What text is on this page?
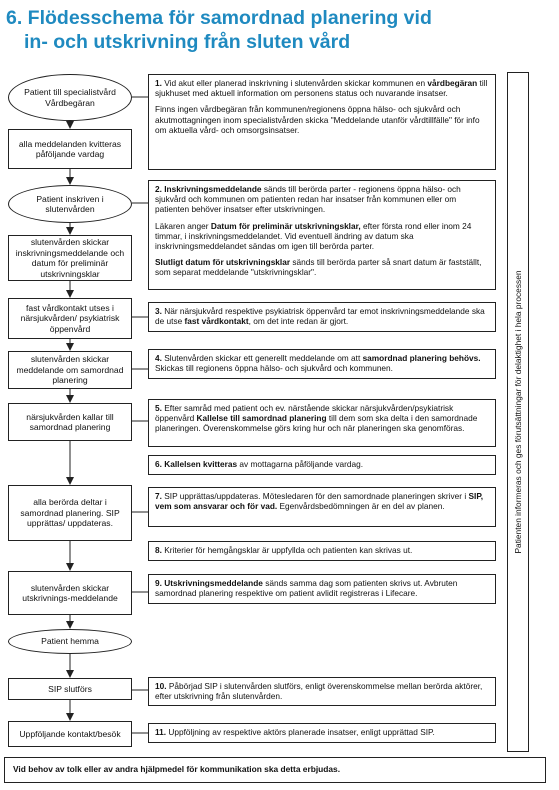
6. Flödesschema för samordnad planering vid
in- och utskrivning från sluten vård
Patient till specialistvård Vårdbegäran
alla meddelanden kvitteras påföljande vardag
Patient inskriven i slutenvården
slutenvården skickar inskrivningsmeddelande och datum för preliminär utskrivningsklar
fast vårdkontakt utses i närsjukvården/ psykiatrisk öppenvård
slutenvården skickar meddelande om samordnad planering
närsjukvården kallar till samordnad planering
alla berörda deltar i samordnad planering. SIP upprättas/ uppdateras.
slutenvården skickar utskrivnings-meddelande
Patient hemma
SIP slutförs
Uppföljande kontakt/besök

1. Vid akut eller planerad inskrivning i slutenvården skickar kommunen en vårdbegäran till sjukhuset med aktuell information om personens status och nuvarande insatser.

Finns ingen vårdbegäran från kommunen/regionens öppna hälso- och sjukvård och akutmottagningen inom specialistvården skicka "Meddelande utanför vårdtillfälle" för info om aktuella vård- och omsorgsinsatser.

2. Inskrivningsmeddelande sänds till berörda parter - regionens öppna hälso- och sjukvård och kommunen om patienten redan har insatser från kommunen eller om patienten behöver insatser efter utskrivningen.

Läkaren anger Datum för preliminär utskrivningsklar, efter första rond eller inom 24 timmar, i inskrivningsmeddelandet. Vid eventuell ändring av datum ska inskrivningsmeddelandet sändas om igen till berörda parter.

Slutligt datum för utskrivningsklar sänds till berörda parter så snart datum är fastställt, som separat meddelande "utskrivningsklar".

3. När närsjukvård respektive psykiatrisk öppenvård tar emot inskrivningsmeddelande ska de utse fast vårdkontakt, om det inte redan är gjort.

4. Slutenvården skickar ett generellt meddelande om att samordnad planering behövs. Skickas till regionens öppna hälso- och sjukvård och kommunen.

5. Efter samråd med patient och ev. närstående skickar närsjukvården/psykiatrisk öppenvård Kallelse till samordnad planering till dem som ska delta i den samordnade planeringen. Överenskommelse görs kring hur och när planeringen ska genomföras.

6. Kallelsen kvitteras av mottagarna påföljande vardag.

7. SIP upprättas/uppdateras. Mötesledaren för den samordnade planeringen skriver i SIP, vem som ansvarar och för vad. Egenvårdsbedömningen är en del av planen.

8. Kriterier för hemgångsklar är uppfyllda och patienten kan skrivas ut.

9. Utskrivningsmeddelande sänds samma dag som patienten skrivs ut. Avbruten samordnad planering respektive om patient avlidit registreras i Lifecare.

10. Påbörjad SIP i slutenvården slutförs, enligt överenskommelse mellan berörda aktörer, efter utskrivning från slutenvården.

11. Uppföljning av respektive aktörs planerade insatser, enligt upprättad SIP.

Patienten informeras och ges förutsättningar för delaktighet i hela processen
Vid behov av tolk eller av andra hjälpmedel för kommunikation ska detta erbjudas.
